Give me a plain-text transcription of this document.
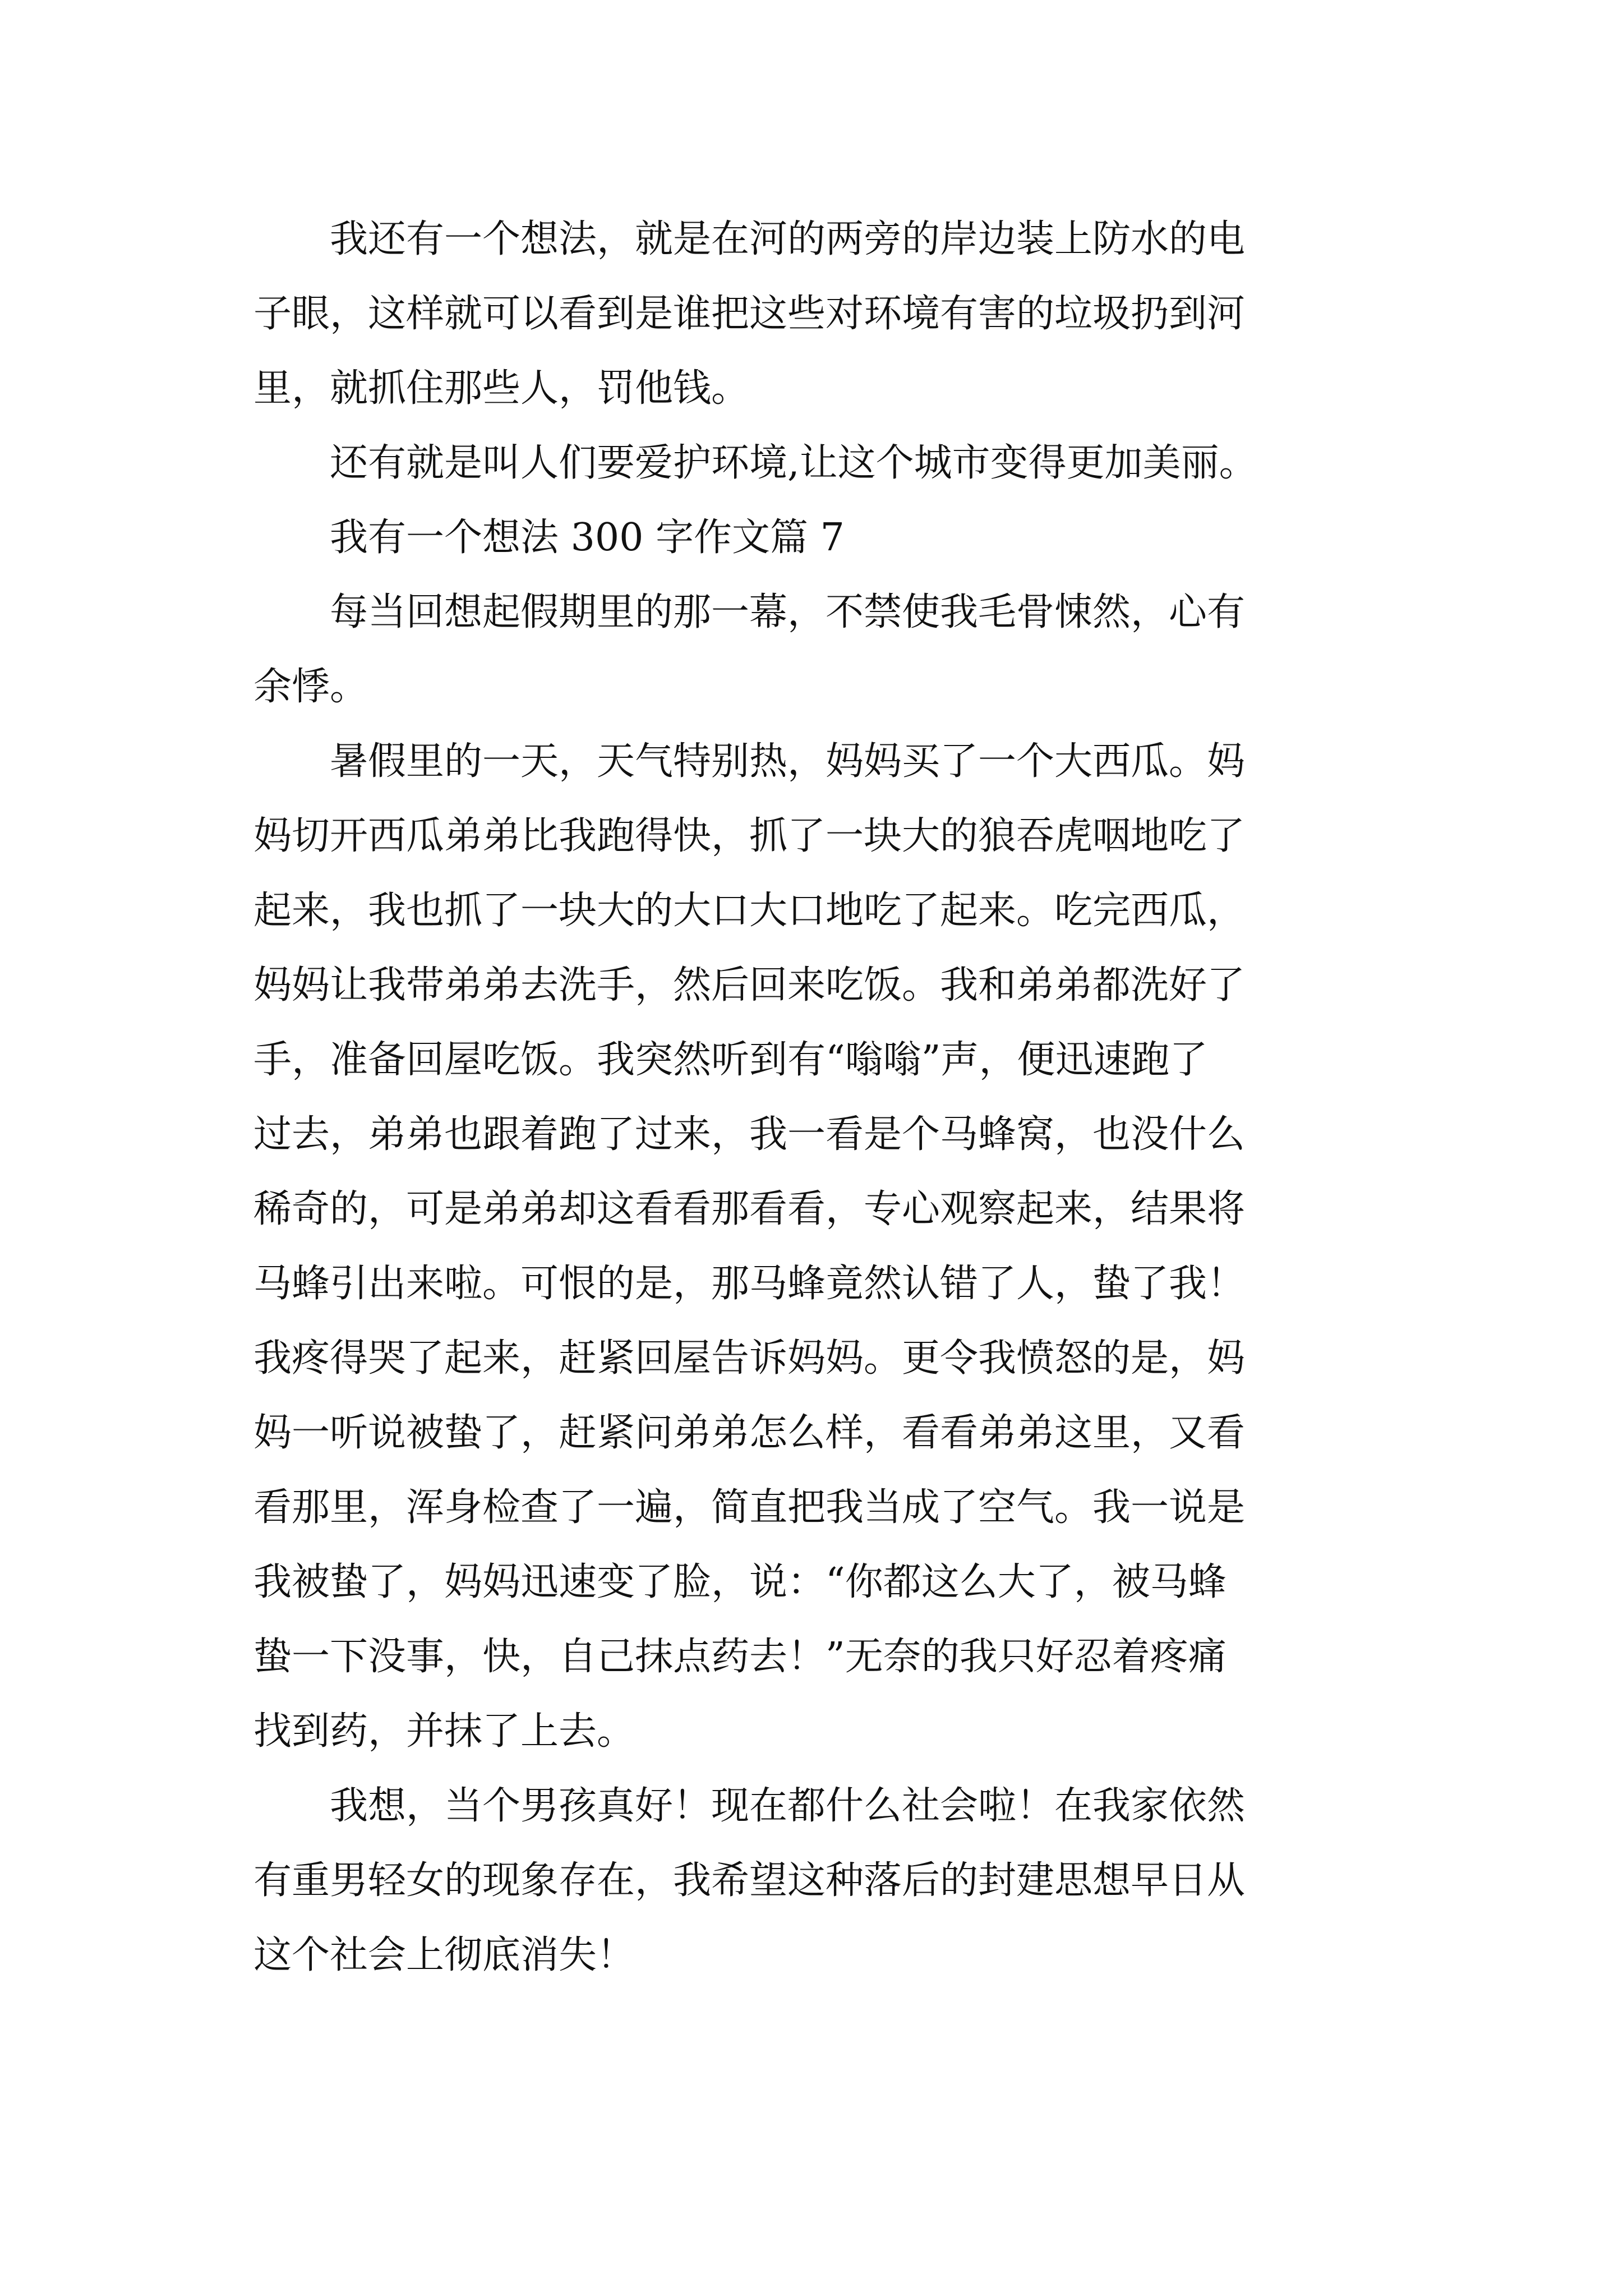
我还有一个想法，就是在河的两旁的岸边装上防水的电
子眼，这样就可以看到是谁把这些对环境有害的垃圾扔到河
里，就抓住那些人，罚他钱。

还有就是叫人们要爱护环境,让这个城市变得更加美丽。

我有一个想法 300 字作文篇 7

每当回想起假期里的那一幕，不禁使我毛骨悚然，心有
余悸。

暑假里的一天，天气特别热，妈妈买了一个大西瓜。妈
妈切开西瓜弟弟比我跑得快，抓了一块大的狼吞虎咽地吃了
起来，我也抓了一块大的大口大口地吃了起来。吃完西瓜，
妈妈让我带弟弟去洗手，然后回来吃饭。我和弟弟都洗好了
手，准备回屋吃饭。我突然听到有“嗡嗡”声，便迅速跑了
过去，弟弟也跟着跑了过来，我一看是个马蜂窝，也没什么
稀奇的，可是弟弟却这看看那看看，专心观察起来，结果将
马蜂引出来啦。可恨的是，那马蜂竟然认错了人，蛰了我！
我疼得哭了起来，赶紧回屋告诉妈妈。更令我愤怒的是，妈
妈一听说被蛰了，赶紧问弟弟怎么样，看看弟弟这里，又看
看那里，浑身检查了一遍，简直把我当成了空气。我一说是
我被蛰了，妈妈迅速变了脸，说：“你都这么大了，被马蜂
蛰一下没事，快，自己抹点药去！”无奈的我只好忍着疼痛
找到药，并抹了上去。

我想，当个男孩真好！现在都什么社会啦！在我家依然
有重男轻女的现象存在，我希望这种落后的封建思想早日从
这个社会上彻底消失！
